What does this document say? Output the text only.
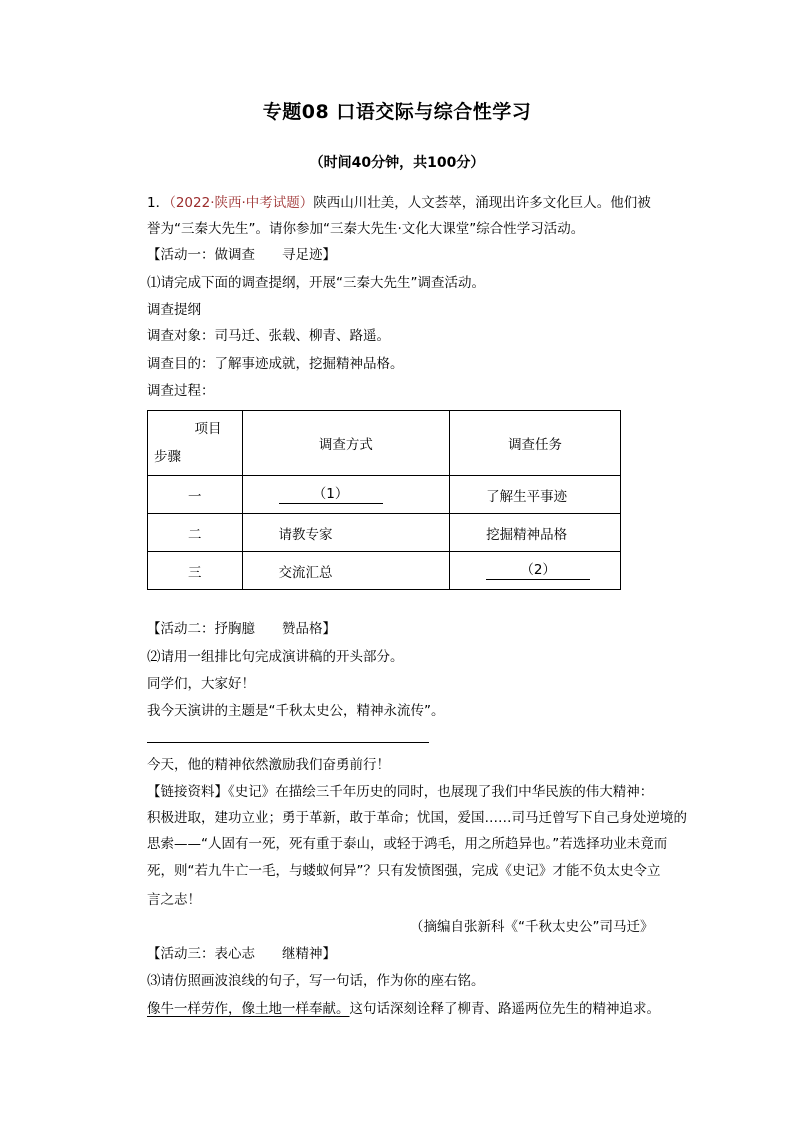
专题08 口语交际与综合性学习
（时间40分钟，共100分）
1．（2022·陕西·中考试题）陕西山川壮美，人文荟萃，涌现出许多文化巨人。他们被
誉为“三秦大先生”。请你参加“三秦大先生·文化大课堂”综合性学习活动。
【活动一：做调查　　寻足迹】
⑴请完成下面的调查提纲，开展“三秦大先生”调查活动。
调查提纲
调查对象：司马迁、张载、柳青、路遥。
调查目的：了解事迹成就，挖掘精神品格。
调查过程：
项目
步骤	调查方式	调查任务
一	（1）	了解生平事迹
二	请教专家	挖掘精神品格
三	交流汇总	（2）
【活动二：抒胸臆　　赞品格】
⑵请用一组排比句完成演讲稿的开头部分。
同学们，大家好！
我今天演讲的主题是“千秋太史公，精神永流传”。
今天，他的精神依然激励我们奋勇前行！
【链接资料】《史记》在描绘三千年历史的同时，也展现了我们中华民族的伟大精神：
积极进取，建功立业；勇于革新，敢于革命；忧国，爱国……司马迁曾写下自己身处逆境的
思索——“人固有一死，死有重于泰山，或轻于鸿毛，用之所趋异也。”若选择功业未竟而
死，则“若九牛亡一毛，与蝼蚁何异”？只有发愤图强，完成《史记》才能不负太史令立
言之志！
（摘编自张新科《“千秋太史公”司马迁》
【活动三：表心志　　继精神】
⑶请仿照画波浪线的句子，写一句话，作为你的座右铭。
像牛一样劳作，像土地一样奉献。这句话深刻诠释了柳青、路遥两位先生的精神追求。
